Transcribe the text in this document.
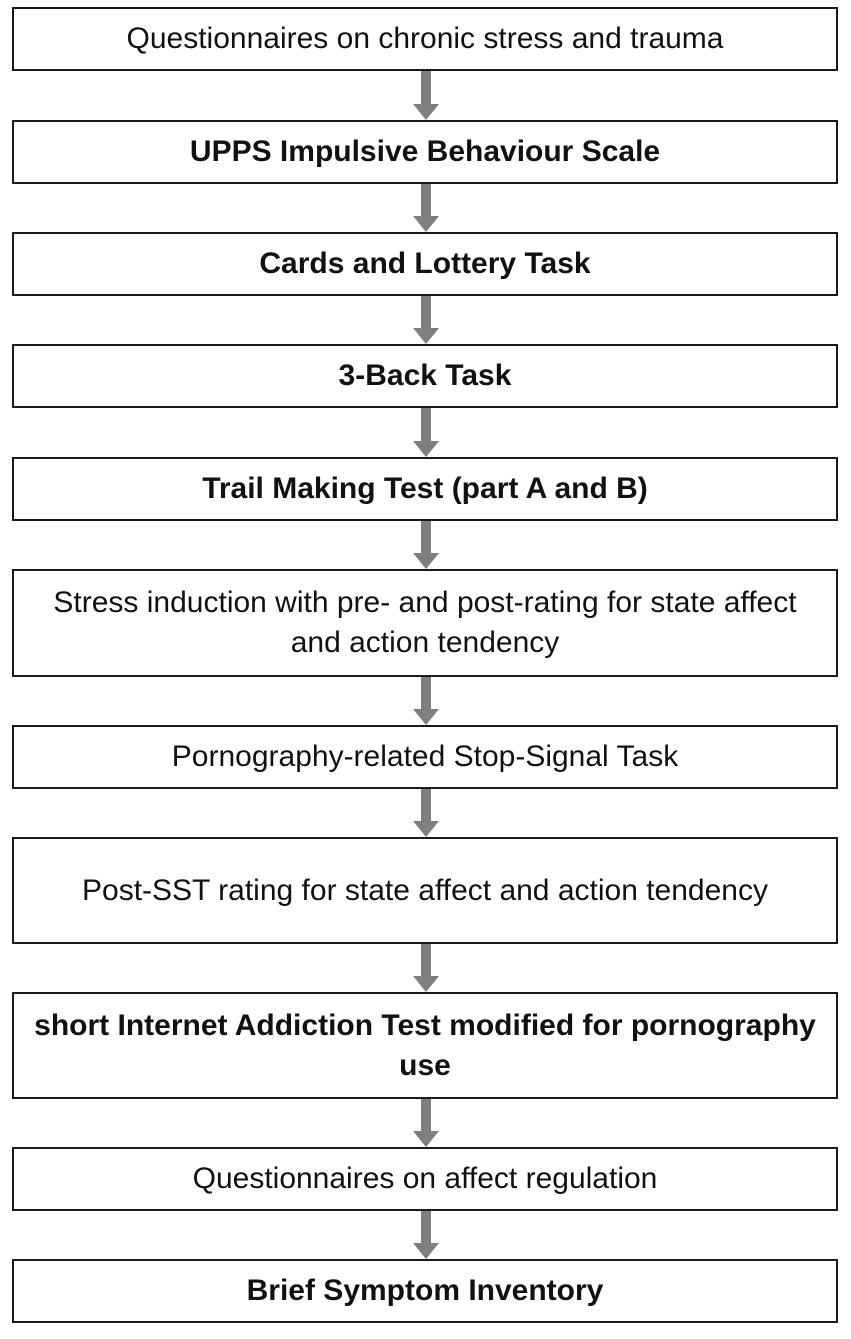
Questionnaires on chronic stress and trauma
UPPS Impulsive Behaviour Scale
Cards and Lottery Task
3-Back Task
Trail Making Test (part A and B)
Stress induction with pre- and post-rating for state affect and action tendency
Pornography-related Stop-Signal Task
Post-SST rating for state affect and action tendency
short Internet Addiction Test modified for pornography use
Questionnaires on affect regulation
Brief Symptom Inventory
